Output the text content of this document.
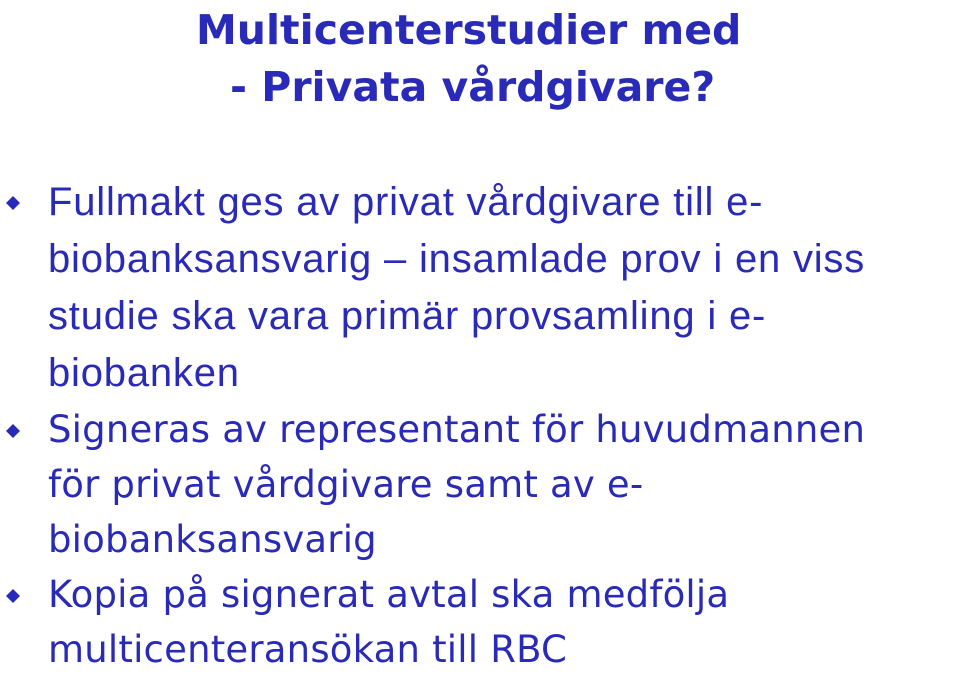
Multicenterstudier med
- Privata vårdgivare?
Fullmakt ges av privat vårdgivare till e-
biobanksansvarig – insamlade prov i en viss
studie ska vara primär provsamling i e-
biobanken
Signeras av representant för huvudmannen
för privat vårdgivare samt av e-
biobanksansvarig
Kopia på signerat avtal ska medfölja
multicenteransökan till RBC
